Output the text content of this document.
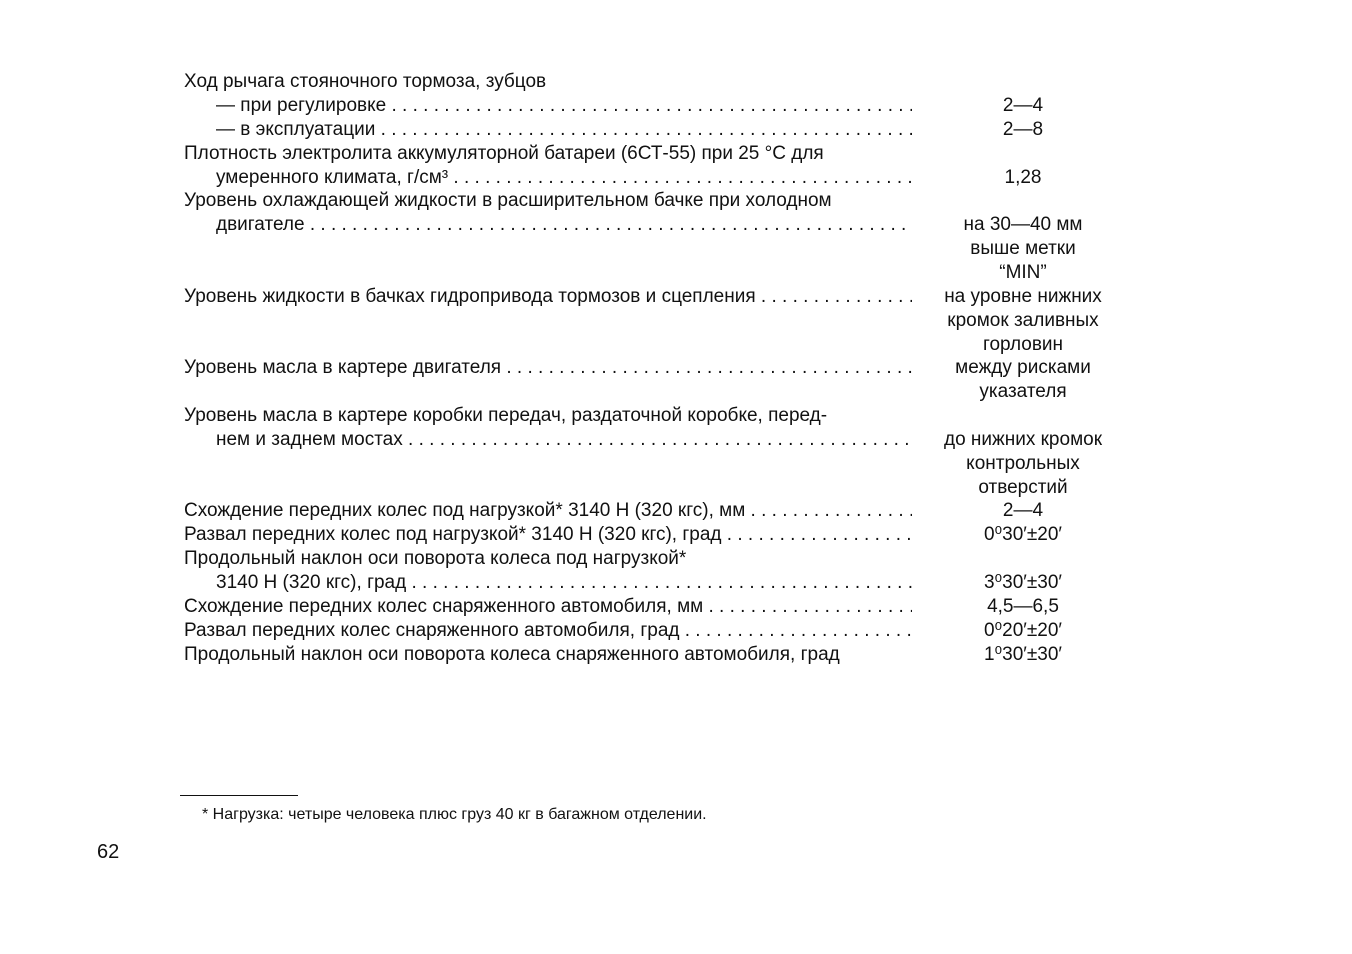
Ход рычага стояночного тормоза, зубцов
— при регулировке . . .	2—4
— в эксплуатации . . .	2—8
Плотность электролита аккумуляторной батареи (6СТ-55) при 25 °С для
умеренного климата, г/см³ . . .	1,28
Уровень охлаждающей жидкости в расширительном бачке при холодном
двигателе . . .	на 30—40 мм
выше метки
“MIN”
Уровень жидкости в бачках гидропривода тормозов и сцепления . . .	на уровне нижних
кромок заливных
горловин
Уровень масла в картере двигателя . . .	между рисками
указателя
Уровень масла в картере коробки передач, раздаточной коробке, перед-
нем и заднем мостах . . .	до нижних кромок
контрольных
отверстий
Схождение передних колес под нагрузкой* 3140 Н (320 кгс), мм . . .	2—4
Развал передних колес под нагрузкой* 3140 Н (320 кгс), град . . .	0⁰30′±20′
Продольный наклон оси поворота колеса под нагрузкой*
3140 Н (320 кгс), град . . .	3⁰30′±30′
Схождение передних колес снаряженного автомобиля, мм . . .	4,5—6,5
Развал передних колес снаряженного автомобиля, град . . .	0⁰20′±20′
Продольный наклон оси поворота колеса снаряженного автомобиля, град	1⁰30′±30′
* Нагрузка: четыре человека плюс груз 40 кг в багажном отделении.
62
